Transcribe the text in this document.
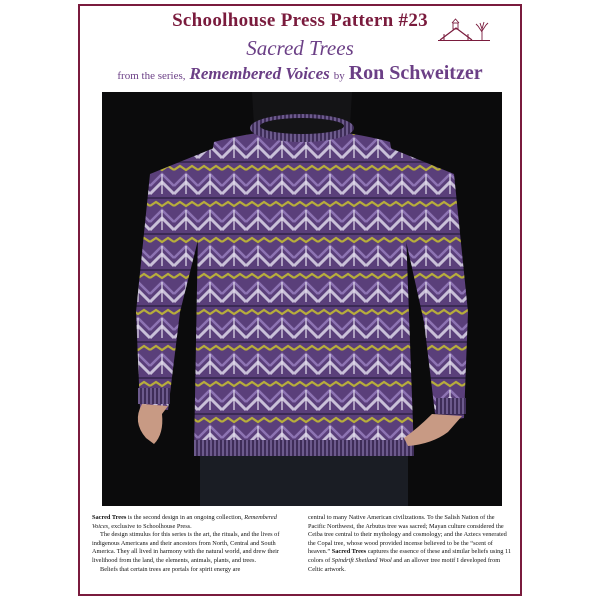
Schoolhouse Press Pattern #23
Sacred Trees
from the series, Remembered Voices by Ron Schweitzer

Sacred Trees is the second design in an ongoing collection, Remembered Voices, exclusive to Schoolhouse Press.

The design stimulus for this series is the art, the rituals, and the lives of indigenous Americans and their ancestors from North, Central and South America. They all lived in harmony with the natural world, and drew their livelihood from the land, the elements, animals, plants, and trees.

Beliefs that certain trees are portals for spirit energy are

central to many Native American civilizations. To the Salish Nation of the Pacific Northwest, the Arbutus tree was sacred; Mayan culture considered the Ceiba tree central to their mythology and cosmology; and the Aztecs venerated the Copal tree, whose wood provided incense believed to be the “scent of heaven.” Sacred Trees captures the essence of these and similar beliefs using 11 colors of Spindrift Shetland Wool and an allover tree motif I developed from Celtic artwork.
